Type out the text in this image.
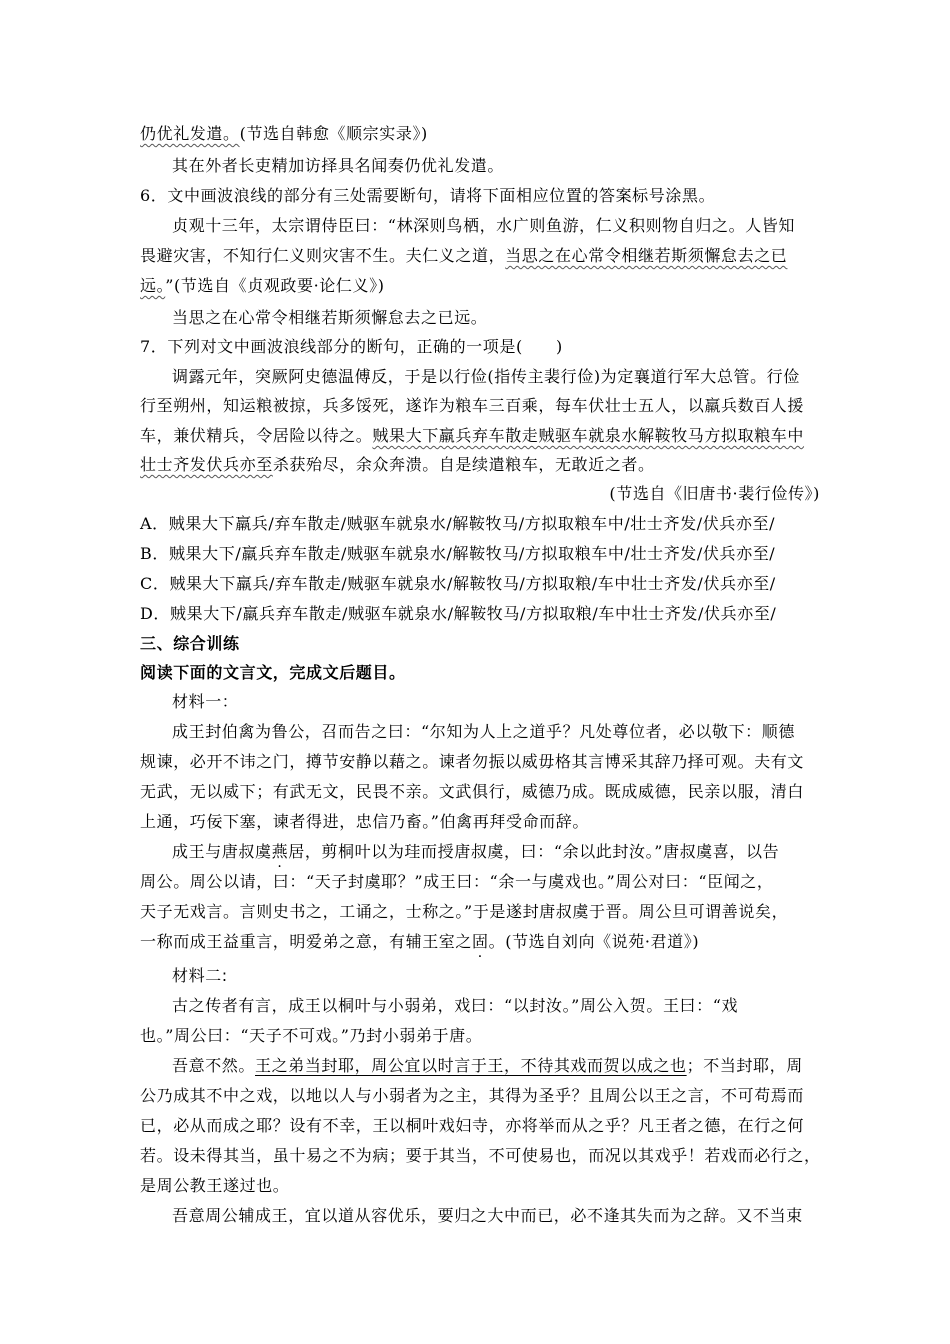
仍优礼发遣。(节选自韩愈《顺宗实录》)
其在外者长吏精加访择具名闻奏仍优礼发遣。
6．文中画波浪线的部分有三处需要断句，请将下面相应位置的答案标号涂黑。
贞观十三年，太宗谓侍臣曰：“林深则鸟栖，水广则鱼游，仁义积则物自归之。人皆知
畏避灾害，不知行仁义则灾害不生。夫仁义之道，当思之在心常令相继若斯须懈怠去之已
远。”(节选自《贞观政要·论仁义》)
当思之在心常令相继若斯须懈怠去之已远。
7．下列对文中画波浪线部分的断句，正确的一项是(　　)
调露元年，突厥阿史德温傅反，于是以行俭(指传主裴行俭)为定襄道行军大总管。行俭
行至朔州，知运粮被掠，兵多馁死，遂诈为粮车三百乘，每车伏壮士五人，以羸兵数百人援
车，兼伏精兵，令居险以待之。贼果大下羸兵弃车散走贼驱车就泉水解鞍牧马方拟取粮车中
壮士齐发伏兵亦至杀获殆尽，余众奔溃。自是续遣粮车，无敢近之者。
(节选自《旧唐书·裴行俭传》)
A．贼果大下羸兵/弃车散走/贼驱车就泉水/解鞍牧马/方拟取粮车中/壮士齐发/伏兵亦至/
B．贼果大下/羸兵弃车散走/贼驱车就泉水/解鞍牧马/方拟取粮车中/壮士齐发/伏兵亦至/
C．贼果大下羸兵/弃车散走/贼驱车就泉水/解鞍牧马/方拟取粮/车中壮士齐发/伏兵亦至/
D．贼果大下/羸兵弃车散走/贼驱车就泉水/解鞍牧马/方拟取粮/车中壮士齐发/伏兵亦至/
三、综合训练
阅读下面的文言文，完成文后题目。
材料一：
成王封伯禽为鲁公，召而告之曰：“尔知为人上之道乎？凡处尊位者，必以敬下：顺德
规谏，必开不讳之门，撙节安静以藉之。谏者勿振以威毋格其言博采其辞乃择可观。夫有文
无武，无以威下；有武无文，民畏不亲。文武俱行，威德乃成。既成威德，民亲以服，清白
上通，巧佞下塞，谏者得进，忠信乃畜。”伯禽再拜受命而辞。
成王与唐叔虞燕居，剪桐叶以为珪而授唐叔虞，曰：“余以此封汝。”唐叔虞喜，以告
周公。周公以请，曰：“天子封虞耶？”成王曰：“余一与虞戏也。”周公对曰：“臣闻之，
天子无戏言。言则史书之，工诵之，士称之。”于是遂封唐叔虞于晋。周公旦可谓善说矣，
一称而成王益重言，明爱弟之意，有辅王室之固。(节选自刘向《说苑·君道》)
材料二:
古之传者有言，成王以桐叶与小弱弟，戏曰：“以封汝。”周公入贺。王曰：“戏
也。”周公曰：“天子不可戏。”乃封小弱弟于唐。
吾意不然。王之弟当封耶，周公宜以时言于王，不待其戏而贺以成之也；不当封耶，周
公乃成其不中之戏，以地以人与小弱者为之主，其得为圣乎？且周公以王之言，不可苟焉而
已，必从而成之耶？设有不幸，王以桐叶戏妇寺，亦将举而从之乎？凡王者之德，在行之何
若。设未得其当，虽十易之不为病；要于其当，不可使易也，而况以其戏乎！若戏而必行之，
是周公教王遂过也。
吾意周公辅成王，宜以道从容优乐，要归之大中而已，必不逢其失而为之辞。又不当束
